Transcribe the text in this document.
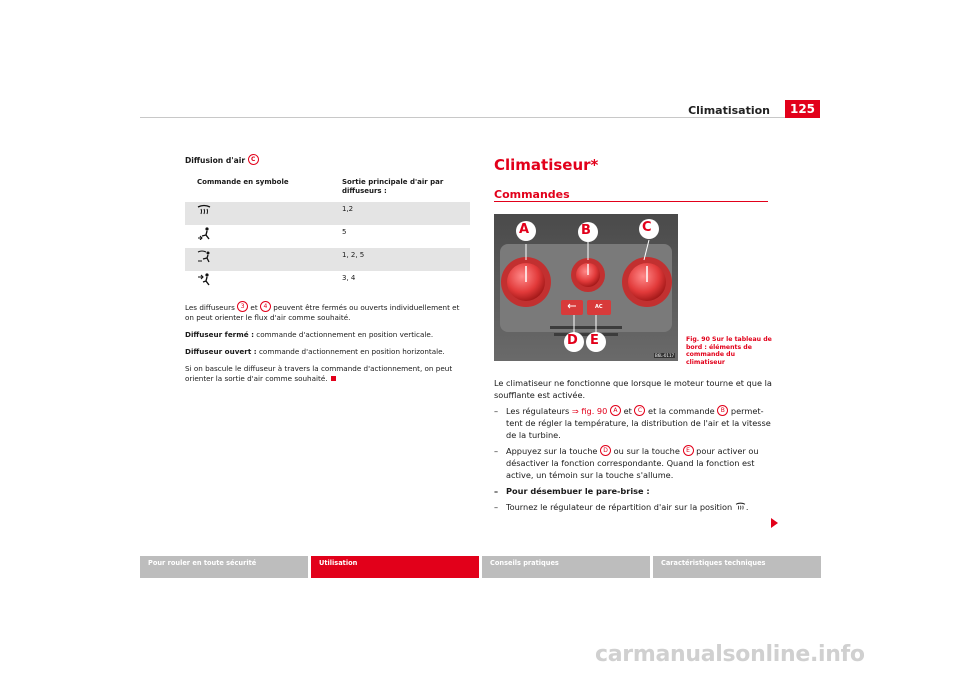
Climatisation	125
Diffusion d'air C
Commande en symbole	Sortie principale d'air par diffuseurs :
	1,2
	5
	1, 2, 5
	3, 4
Les diffuseurs 3 et 4 peuvent être fermés ou ouverts individuellement et on peut orienter le flux d'air comme souhaité.
Diffuseur fermé : commande d'actionnement en position verticale.
Diffuseur ouvert : commande d'actionnement en position horizontale.
Si on bascule le diffuseur à travers la commande d'actionnement, on peut orienter la sortie d'air comme souhaité.
Climatiseur*
Commandes
A	B	C
D E
AC
B6L-0117
Fig. 90 Sur le tableau de bord : éléments de commande du climatiseur
Le climatiseur ne fonctionne que lorsque le moteur tourne et que la soufflante est activée.
– Les régulateurs ⇒ fig. 90 A et C et la commande B permet-tent de régler la température, la distribution de l'air et la vitesse de la turbine.
– Appuyez sur la touche D ou sur la touche E pour activer ou désactiver la fonction correspondante. Quand la fonction est active, un témoin sur la touche s'allume.
– Pour désembuer le pare-brise :
– Tournez le régulateur de répartition d'air sur la position .
Pour rouler en toute sécurité	Utilisation	Conseils pratiques	Caractéristiques techniques
carmanualsonline.info
